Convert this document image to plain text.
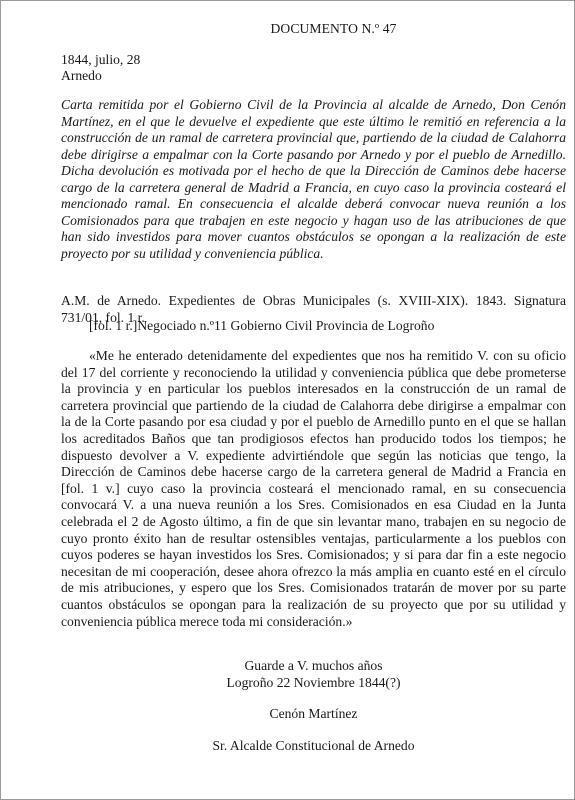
DOCUMENTO N.º 47
1844, julio, 28
Arnedo

Carta remitida por el Gobierno Civil de la Provincia al alcalde de Arnedo, Don Cenón Martínez, en el que le devuelve el expediente que este último le remitió en referencia a la construcción de un ramal de carretera provincial que, partiendo de la ciudad de Calahorra debe dirigirse a empalmar con la Corte pasando por Arnedo y por el pueblo de Arnedillo. Dicha devolución es motivada por el hecho de que la Dirección de Caminos debe hacerse cargo de la carretera general de Madrid a Francia, en cuyo caso la provincia costeará el mencionado ramal. En consecuencia el alcalde deberá convocar nueva reunión a los Comisionados para que trabajen en este negocio y hagan uso de las atribuciones de que han sido investidos para mover cuantos obstáculos se opongan a la realización de este proyecto por su utilidad y conveniencia pública.

A.M. de Arnedo. Expedientes de Obras Municipales (s. XVIII-XIX). 1843. Signatura 731/01, fol. 1 r.

[fol. 1 r.]Negociado n.º11 Gobierno Civil Provincia de Logroño

«Me he enterado detenidamente del expedientes que nos ha remitido V. con su oficio del 17 del corriente y reconociendo la utilidad y conveniencia pública que debe prometerse la provincia y en particular los pueblos interesados en la construcción de un ramal de carretera provincial que partiendo de la ciudad de Calahorra debe dirigirse a empalmar con la de la Corte pasando por esa ciudad y por el pueblo de Arnedillo punto en el que se hallan los acreditados Baños que tan prodigiosos efectos han producido todos los tiempos; he dispuesto devolver a V. expediente advirtiéndole que según las noticias que tengo, la Dirección de Caminos debe hacerse cargo de la carretera general de Madrid a Francia en [fol. 1 v.] cuyo caso la provincia costeará el mencionado ramal, en su consecuencia convocará V. a una nueva reunión a los Sres. Comisionados en esa Ciudad en la Junta celebrada el 2 de Agosto último, a fin de que sin levantar mano, trabajen en su negocio de cuyo pronto éxito han de resultar ostensibles ventajas, particularmente a los pueblos con cuyos poderes se hayan investidos los Sres. Comisionados; y si para dar fin a este negocio necesitan de mi cooperación, desee ahora ofrezco la más amplia en cuanto esté en el círculo de mis atribuciones, y espero que los Sres. Comisionados tratarán de mover por su parte cuantos obstáculos se opongan para la realización de su proyecto que por su utilidad y conveniencia pública merece toda mi consideración.»

Guarde a V. muchos años
Logroño 22 Noviembre 1844(?)
Cenón Martínez
Sr. Alcalde Constitucional de Arnedo
